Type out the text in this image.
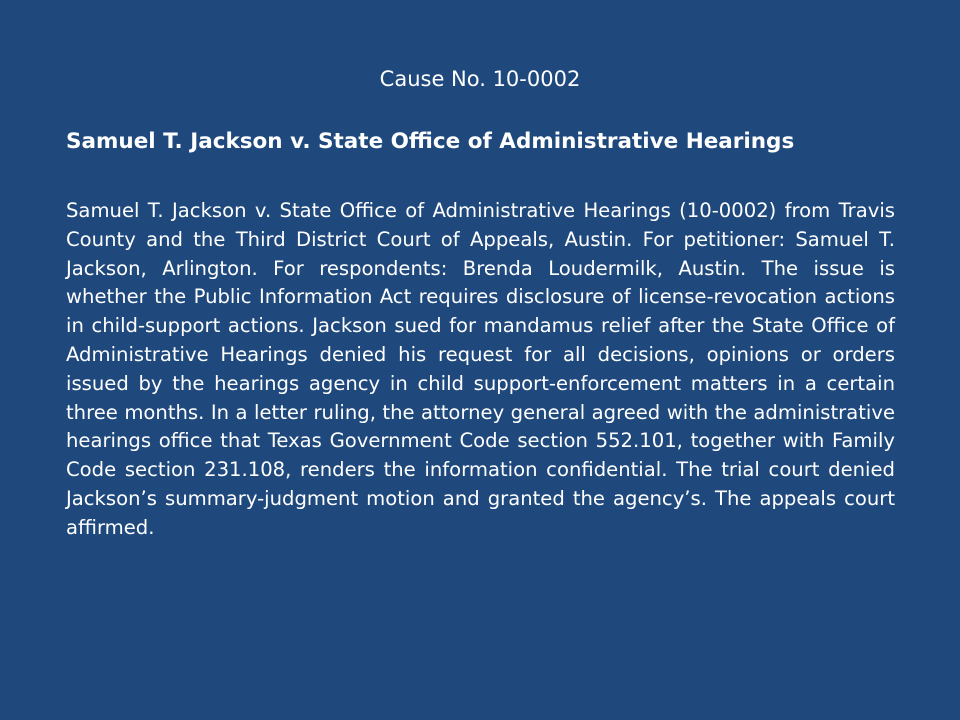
Cause No. 10-0002
Samuel T. Jackson v. State Office of Administrative Hearings

Samuel T. Jackson v. State Office of Administrative Hearings (10-0002) from Travis County and the Third District Court of Appeals, Austin. For petitioner: Samuel T. Jackson, Arlington. For respondents: Brenda Loudermilk, Austin. The issue is whether the Public Information Act requires disclosure of license-revocation actions in child-support actions. Jackson sued for mandamus relief after the State Office of Administrative Hearings denied his request for all decisions, opinions or orders issued by the hearings agency in child support-enforcement matters in a certain three months. In a letter ruling, the attorney general agreed with the administrative hearings office that Texas Government Code section 552.101, together with Family Code section 231.108, renders the information confidential. The trial court denied Jackson’s summary-judgment motion and granted the agency’s. The appeals court affirmed.
